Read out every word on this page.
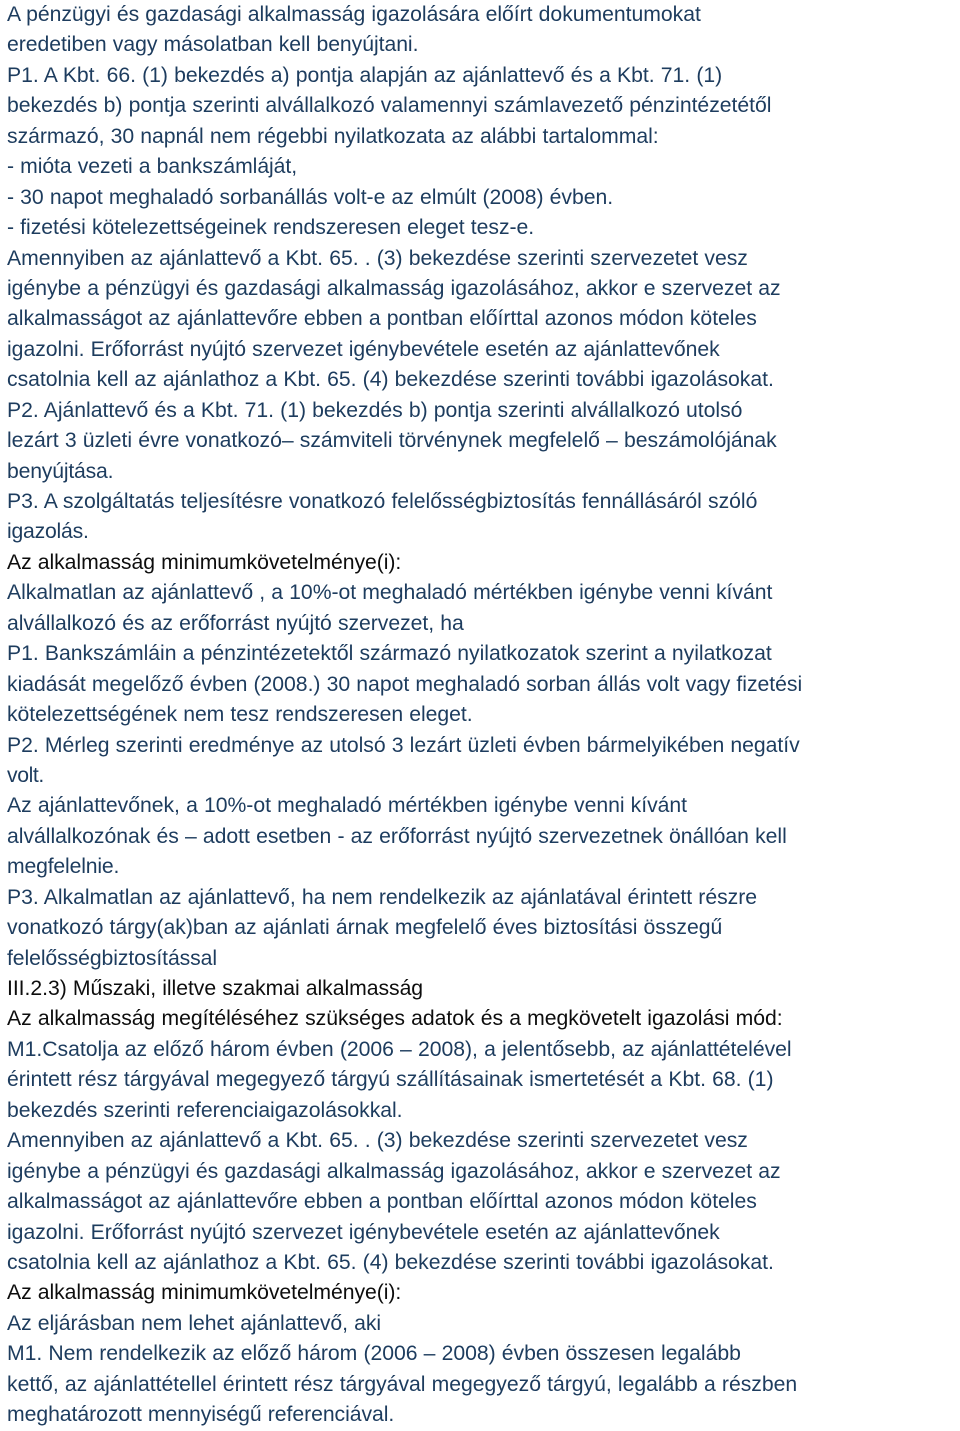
A pénzügyi és gazdasági alkalmasság igazolására előírt dokumentumokat
eredetiben vagy másolatban kell benyújtani.
P1. A Kbt. 66. (1) bekezdés a) pontja alapján az ajánlattevő és a Kbt. 71. (1)
bekezdés b) pontja szerinti alvállalkozó valamennyi számlavezető pénzintézetétől
származó, 30 napnál nem régebbi nyilatkozata az alábbi tartalommal:
- mióta vezeti a bankszámláját,
- 30 napot meghaladó sorbanállás volt-e az elmúlt (2008) évben.
- fizetési kötelezettségeinek rendszeresen eleget tesz-e.
Amennyiben az ajánlattevő a Kbt. 65. . (3) bekezdése szerinti szervezetet vesz
igénybe a pénzügyi és gazdasági alkalmasság igazolásához, akkor e szervezet az
alkalmasságot az ajánlattevőre ebben a pontban előírttal azonos módon köteles
igazolni. Erőforrást nyújtó szervezet igénybevétele esetén az ajánlattevőnek
csatolnia kell az ajánlathoz a Kbt. 65. (4) bekezdése szerinti további igazolásokat.
P2. Ajánlattevő és a Kbt. 71. (1) bekezdés b) pontja szerinti alvállalkozó utolsó
lezárt 3 üzleti évre vonatkozó– számviteli törvénynek megfelelő – beszámolójának
benyújtása.
P3. A szolgáltatás teljesítésre vonatkozó felelősségbiztosítás fennállásáról szóló
igazolás.
Az alkalmasság minimumkövetelménye(i):
Alkalmatlan az ajánlattevő , a 10%-ot meghaladó mértékben igénybe venni kívánt
alvállalkozó és az erőforrást nyújtó szervezet, ha
P1. Bankszámláin a pénzintézetektől származó nyilatkozatok szerint a nyilatkozat
kiadását megelőző évben (2008.) 30 napot meghaladó sorban állás volt vagy fizetési
kötelezettségének nem tesz rendszeresen eleget.
P2. Mérleg szerinti eredménye az utolsó 3 lezárt üzleti évben bármelyikében negatív
volt.
Az ajánlattevőnek, a 10%-ot meghaladó mértékben igénybe venni kívánt
alvállalkozónak és – adott esetben - az erőforrást nyújtó szervezetnek önállóan kell
megfelelnie.
P3. Alkalmatlan az ajánlattevő, ha nem rendelkezik az ajánlatával érintett részre
vonatkozó tárgy(ak)ban az ajánlati árnak megfelelő éves biztosítási összegű
felelősségbiztosítással
III.2.3) Műszaki, illetve szakmai alkalmasság
Az alkalmasság megítéléséhez szükséges adatok és a megkövetelt igazolási mód:
M1.Csatolja az előző három évben (2006 – 2008), a jelentősebb, az ajánlattételével
érintett rész tárgyával megegyező tárgyú szállításainak ismertetését a Kbt. 68. (1)
bekezdés szerinti referenciaigazolásokkal.
Amennyiben az ajánlattevő a Kbt. 65. . (3) bekezdése szerinti szervezetet vesz
igénybe a pénzügyi és gazdasági alkalmasság igazolásához, akkor e szervezet az
alkalmasságot az ajánlattevőre ebben a pontban előírttal azonos módon köteles
igazolni. Erőforrást nyújtó szervezet igénybevétele esetén az ajánlattevőnek
csatolnia kell az ajánlathoz a Kbt. 65. (4) bekezdése szerinti további igazolásokat.
Az alkalmasság minimumkövetelménye(i):
Az eljárásban nem lehet ajánlattevő, aki
M1. Nem rendelkezik az előző három (2006 – 2008) évben összesen legalább
kettő, az ajánlattétellel érintett rész tárgyával megegyező tárgyú, legalább a részben
meghatározott mennyiségű referenciával.
